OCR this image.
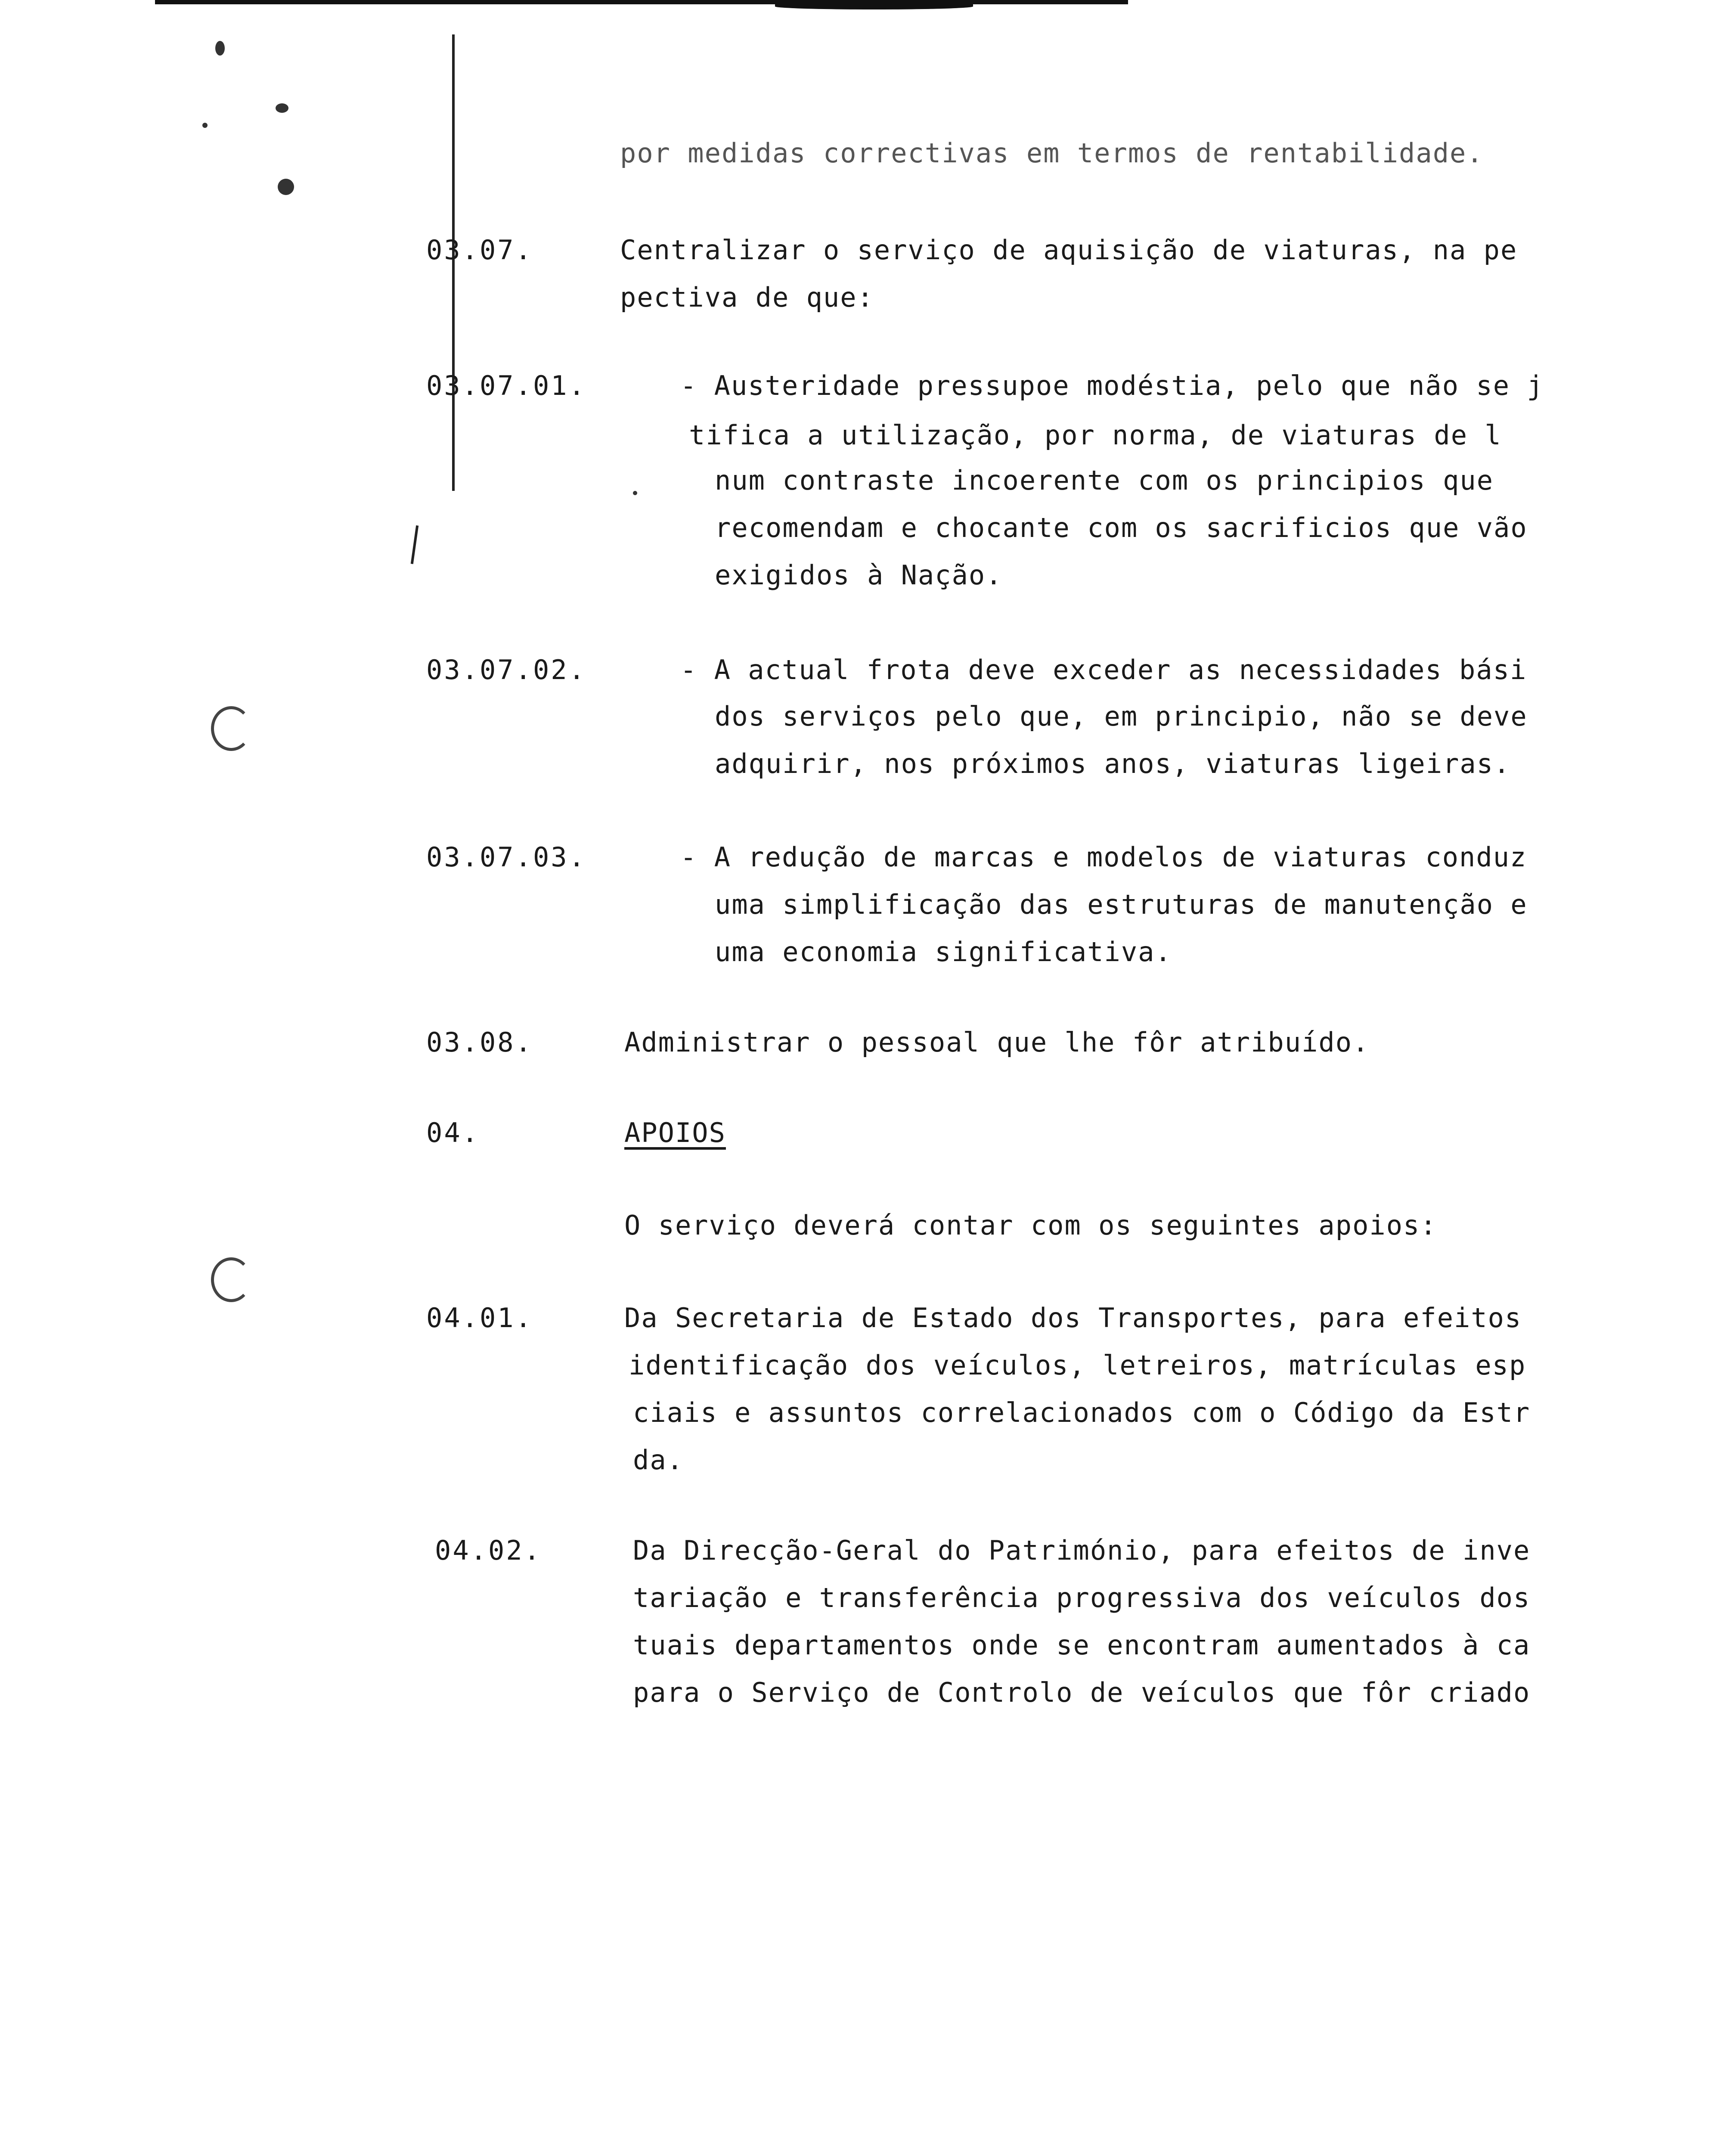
por medidas correctivas em termos de rentabilidade.
03.07.	Centralizar o serviço de aquisição de viaturas, na pe
pectiva de que:
03.07.01.	- Austeridade pressupoe modéstia, pelo que não se j
tifica a utilização, por norma, de viaturas de l
num contraste incoerente com os principios que
recomendam e chocante com os sacrificios que vão
exigidos à Nação.
03.07.02.	- A actual frota deve exceder as necessidades bási
dos serviços pelo que, em principio, não se deve
adquirir, nos próximos anos, viaturas ligeiras.
03.07.03.	- A redução de marcas e modelos de viaturas conduz
uma simplificação das estruturas de manutenção e
uma economia significativa.
03.08.	Administrar o pessoal que lhe fôr atribuído.
04.	APOIOS
O serviço deverá contar com os seguintes apoios:
04.01.	Da Secretaria de Estado dos Transportes, para efeitos
identificação dos veículos, letreiros, matrículas esp
ciais e assuntos correlacionados com o Código da Estr
da.
04.02.	Da Direcção-Geral do Património, para efeitos de inve
tariação e transferência progressiva dos veículos dos
tuais departamentos onde se encontram aumentados à ca
para o Serviço de Controlo de veículos que fôr criado
